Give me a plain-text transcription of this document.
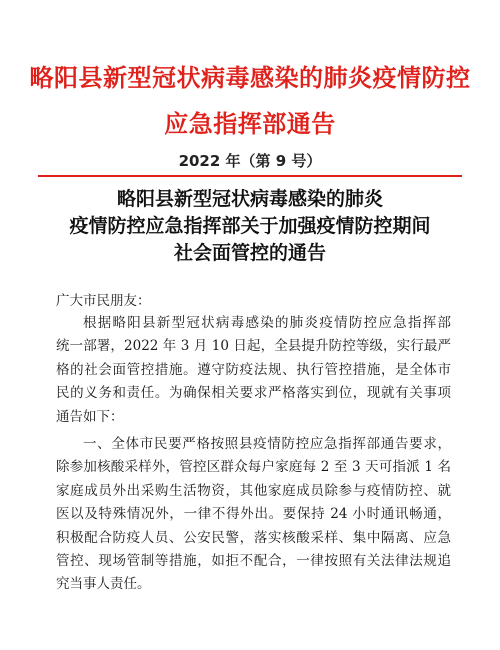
略阳县新型冠状病毒感染的肺炎疫情防控
应急指挥部通告
2022 年（第 9 号）
略阳县新型冠状病毒感染的肺炎
疫情防控应急指挥部关于加强疫情防控期间
社会面管控的通告
广大市民朋友：
根据略阳县新型冠状病毒感染的肺炎疫情防控应急指挥部
统一部署，2022 年 3 月 10 日起，全县提升防控等级，实行最严
格的社会面管控措施。遵守防疫法规、执行管控措施，是全体市
民的义务和责任。为确保相关要求严格落实到位，现就有关事项
通告如下：
一、全体市民要严格按照县疫情防控应急指挥部通告要求，
除参加核酸采样外，管控区群众每户家庭每 2 至 3 天可指派 1 名
家庭成员外出采购生活物资，其他家庭成员除参与疫情防控、就
医以及特殊情况外，一律不得外出。要保持 24 小时通讯畅通，
积极配合防疫人员、公安民警，落实核酸采样、集中隔离、应急
管控、现场管制等措施，如拒不配合，一律按照有关法律法规追
究当事人责任。
